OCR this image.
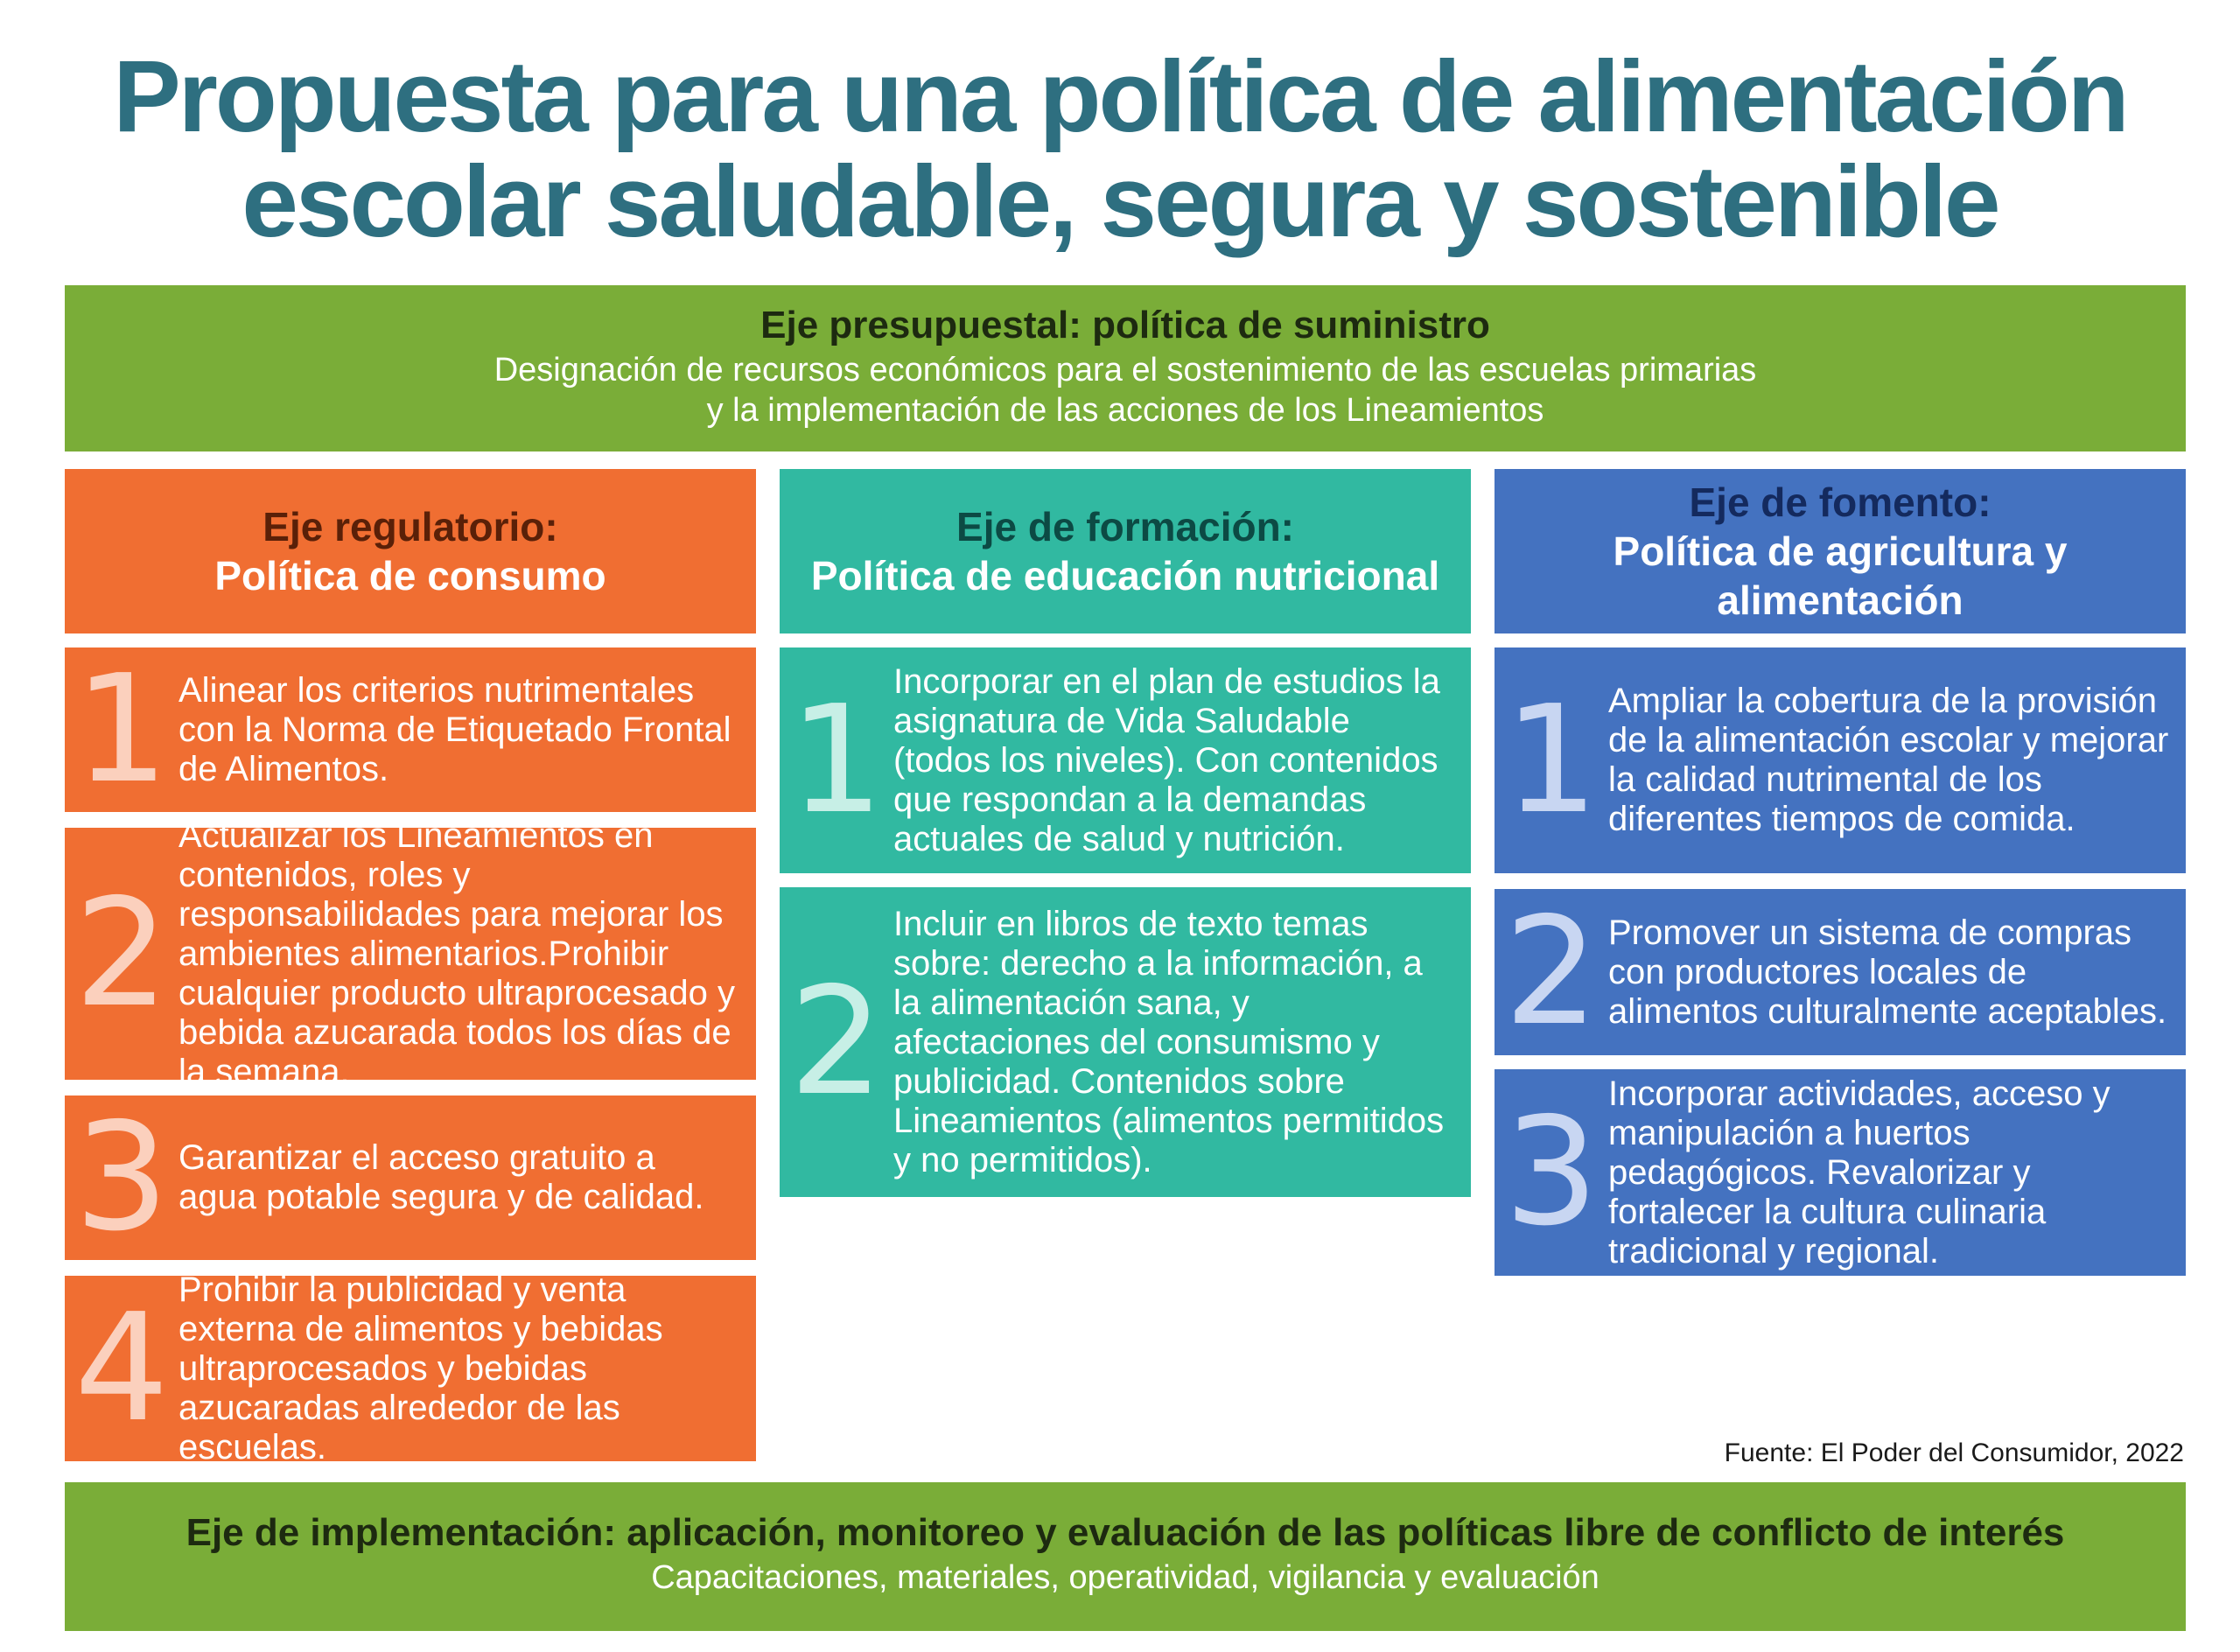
Propuesta para una política de alimentación
escolar saludable, segura y sostenible
Eje presupuestal: política de suministro
Designación de recursos económicos para el sostenimiento de las escuelas primarias
y la implementación de las acciones de los Lineamientos
Eje regulatorio:
Política de consumo
1 Alinear los criterios nutrimentales con la Norma de Etiquetado Frontal de Alimentos.
2
Actualizar los Lineamientos en contenidos, roles y responsabilidades para mejorar los ambientes alimentarios.Prohibir cualquier producto ultraprocesado y bebida azucarada todos los días de la semana.
3 Garantizar el acceso gratuito a agua potable segura y de calidad.
4 Prohibir la publicidad y venta externa de alimentos y bebidas ultraprocesados y bebidas azucaradas alrededor de las escuelas.
Eje de formación:
Política de educación nutricional
1 Incorporar en el plan de estudios la asignatura de Vida Saludable (todos los niveles). Con contenidos que respondan a la demandas actuales de salud y nutrición.
2
Incluir en libros de texto temas sobre: derecho a la información, a la alimentación sana, y afectaciones del consumismo y publicidad. Contenidos sobre Lineamientos (alimentos permitidos y no permitidos).
Eje de fomento:
Política de agricultura y alimentación
1 Ampliar la cobertura de la provisión de la alimentación escolar y mejorar la calidad nutrimental de los diferentes tiempos de comida.
2 Promover un sistema de compras con productores locales de alimentos culturalmente aceptables.
3 Incorporar actividades, acceso y manipulación a huertos pedagógicos. Revalorizar y fortalecer la cultura culinaria tradicional y regional.
Fuente: El Poder del Consumidor, 2022
Eje de implementación: aplicación, monitoreo y evaluación de las políticas libre de conflicto de interés
Capacitaciones, materiales, operatividad, vigilancia y evaluación
